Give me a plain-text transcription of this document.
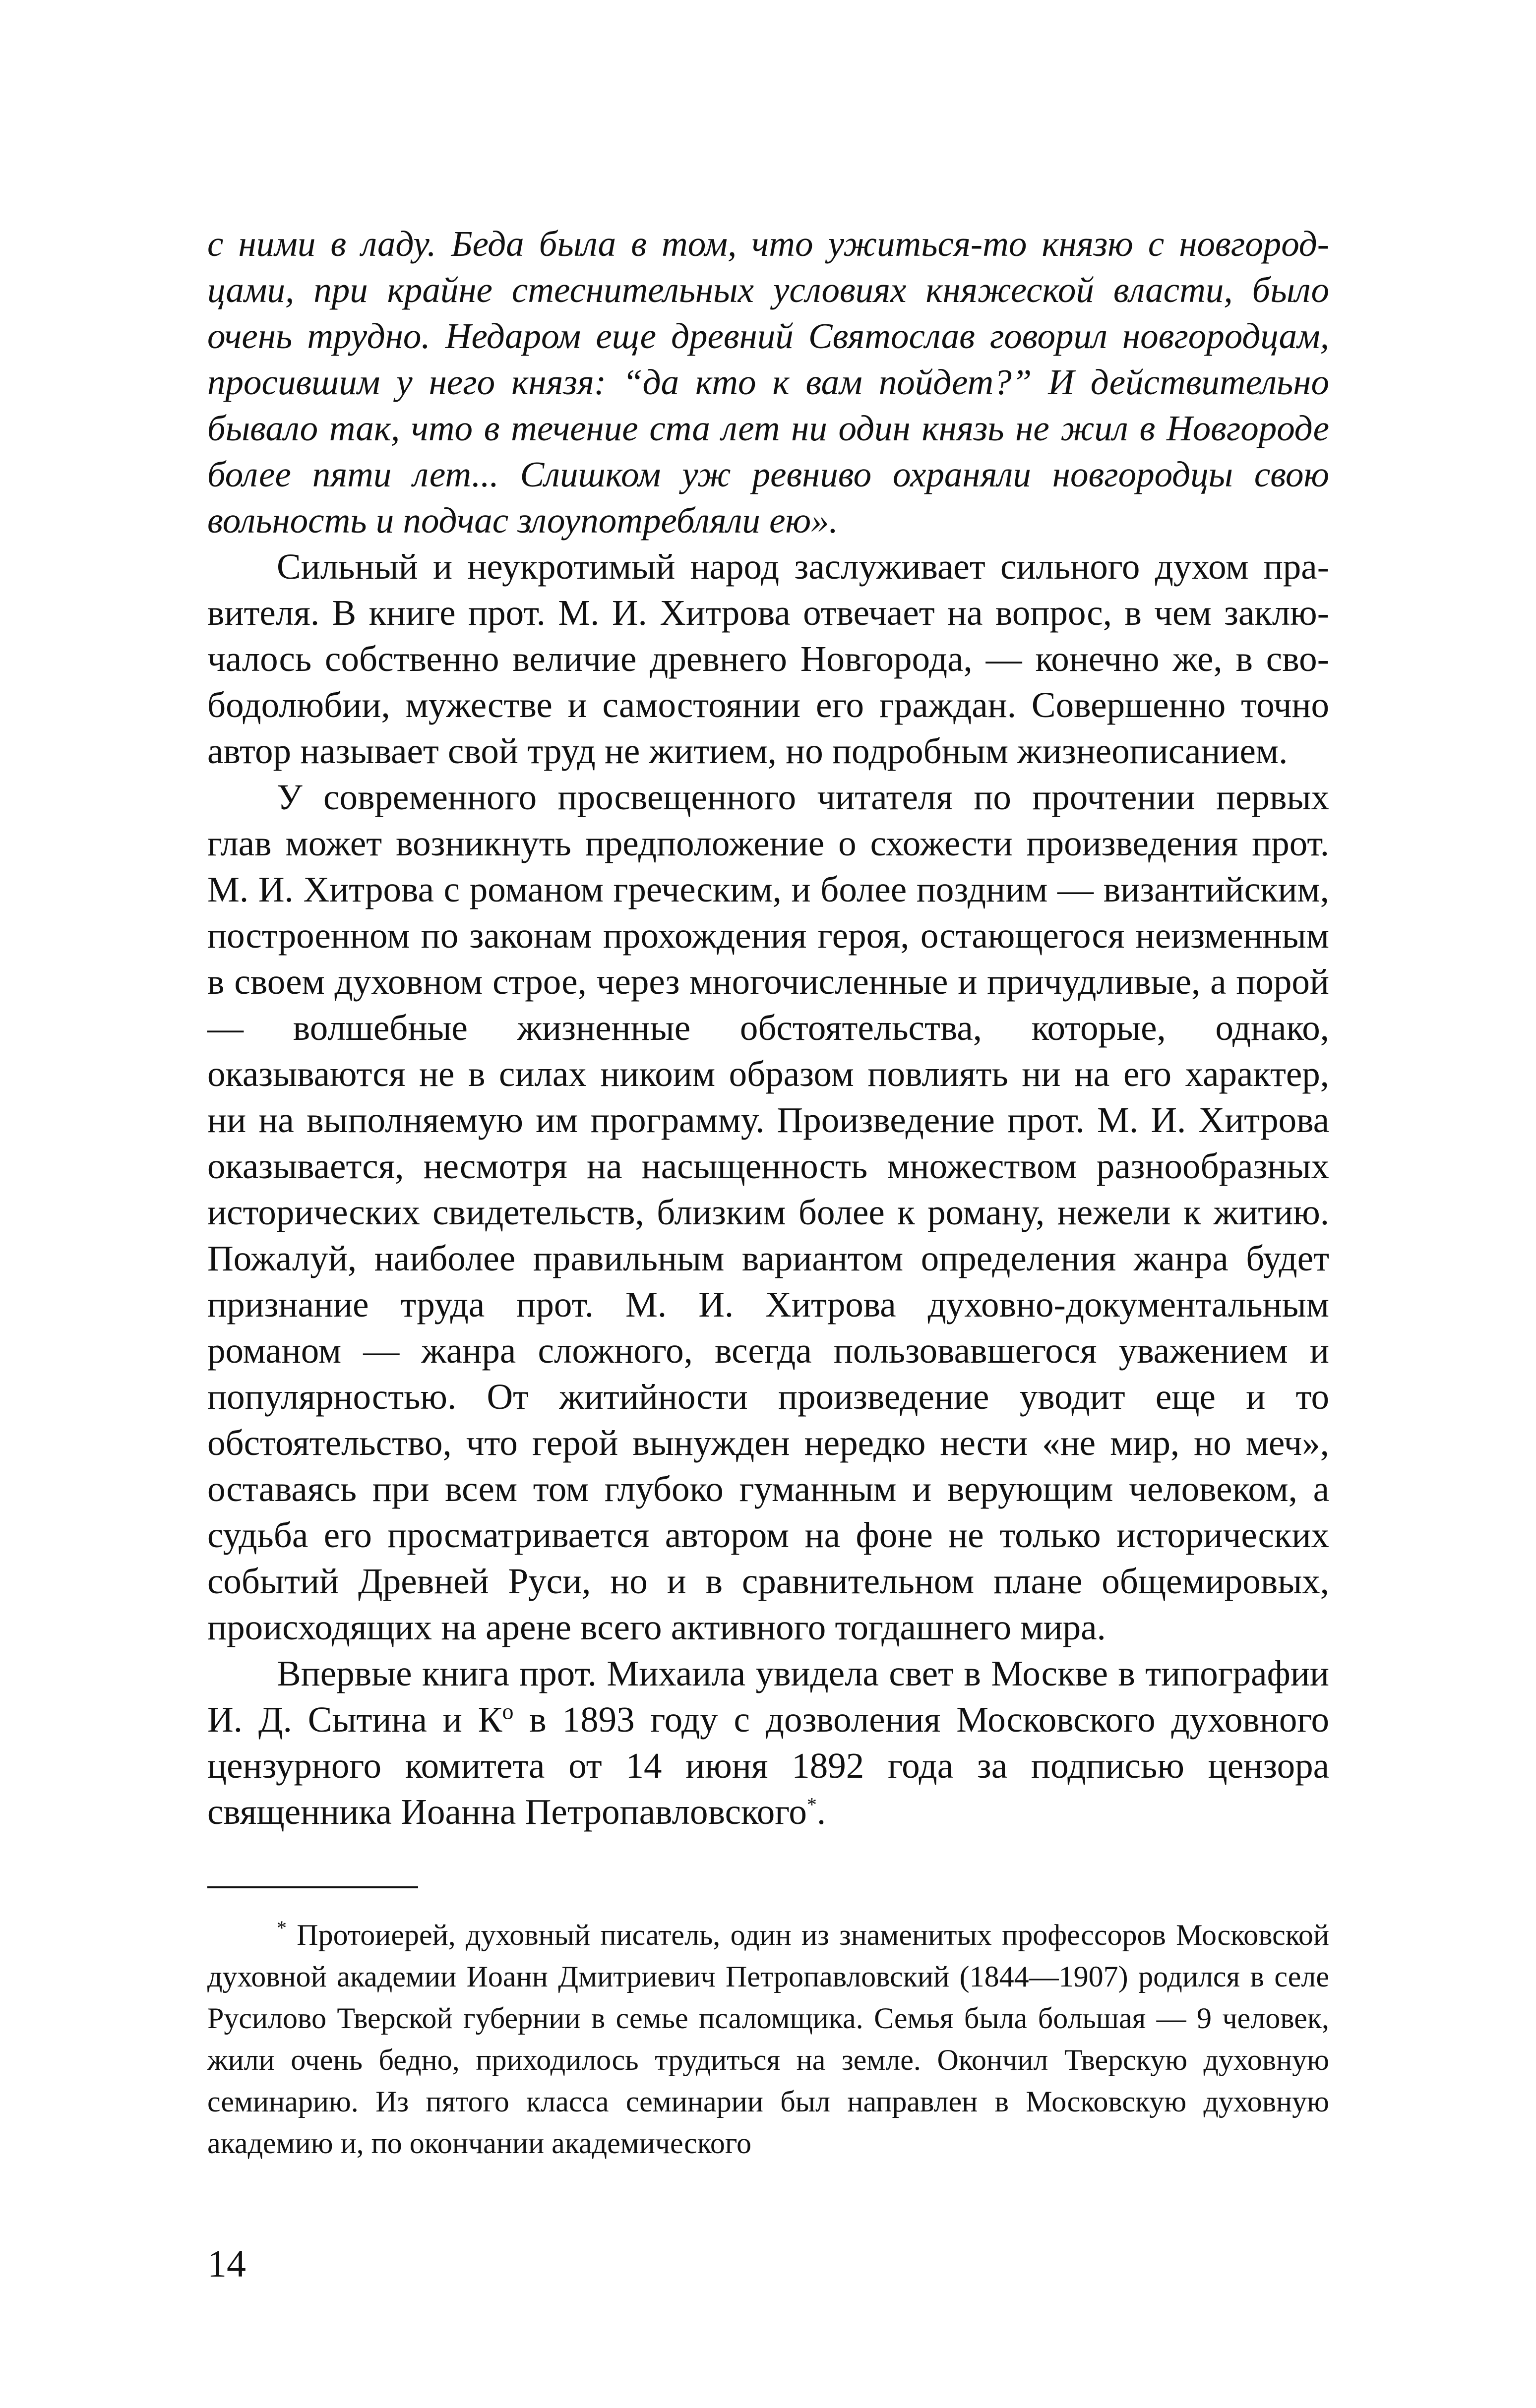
с ними в ладу. Беда была в том, что ужиться-то князю с новгородцами, при крайне стеснительных условиях княжеской власти, было очень трудно. Недаром еще древний Святослав говорил новгородцам, просившим у него князя: “да кто к вам пойдет?” И действительно бывало так, что в течение ста лет ни один князь не жил в Новгороде более пяти лет... Слишком уж ревниво охраняли новгородцы свою вольность и подчас злоупотребляли ею».

Сильный и неукротимый народ заслуживает сильного духом правителя. В книге прот. М. И. Хитрова отвечает на вопрос, в чем заключалось собственно величие древнего Новгорода, — конечно же, в свободолюбии, мужестве и самостоянии его граждан. Совершенно точно автор называет свой труд не житием, но подробным жизнеописанием.

У современного просвещенного читателя по прочтении первых глав может возникнуть предположение о схожести произведения прот. М. И. Хитрова с романом греческим, и более поздним — византийским, построенном по законам прохождения героя, остающегося неизменным в своем духовном строе, через многочисленные и причудливые, а порой — волшебные жизненные обстоятельства, которые, однако, оказываются не в силах никоим образом повлиять ни на его характер, ни на выполняемую им программу. Произведение прот. М. И. Хитрова оказывается, несмотря на насыщенность множеством разнообразных исторических свидетельств, близким более к роману, нежели к житию. Пожалуй, наиболее правильным вариантом определения жанра будет признание труда прот. М. И. Хитрова духовно-документальным романом — жанра сложного, всегда пользовавшегося уважением и популярностью. От житийности произведение уводит еще и то обстоятельство, что герой вынужден нередко нести «не мир, но меч», оставаясь при всем том глубоко гуманным и верующим человеком, а судьба его просматривается автором на фоне не только исторических событий Древней Руси, но и в сравнительном плане общемировых, происходящих на арене всего активного тогдашнего мира.

Впервые книга прот. Михаила увидела свет в Москве в типографии И. Д. Сытина и $К^о$ в 1893 году с дозволения Московского духовного цензурного комитета от 14 июня 1892 года за подписью цензора священника Иоанна Петропавловского*.

* Протоиерей, духовный писатель, один из знаменитых профессоров Московской духовной академии Иоанн Дмитриевич Петропавловский (1844—1907) родился в селе Русилово Тверской губернии в семье псаломщика. Семья была большая — 9 человек, жили очень бедно, приходилось трудиться на земле. Окончил Тверскую духовную семинарию. Из пятого класса семинарии был направлен в Московскую духовную академию и, по окончании академического

14
